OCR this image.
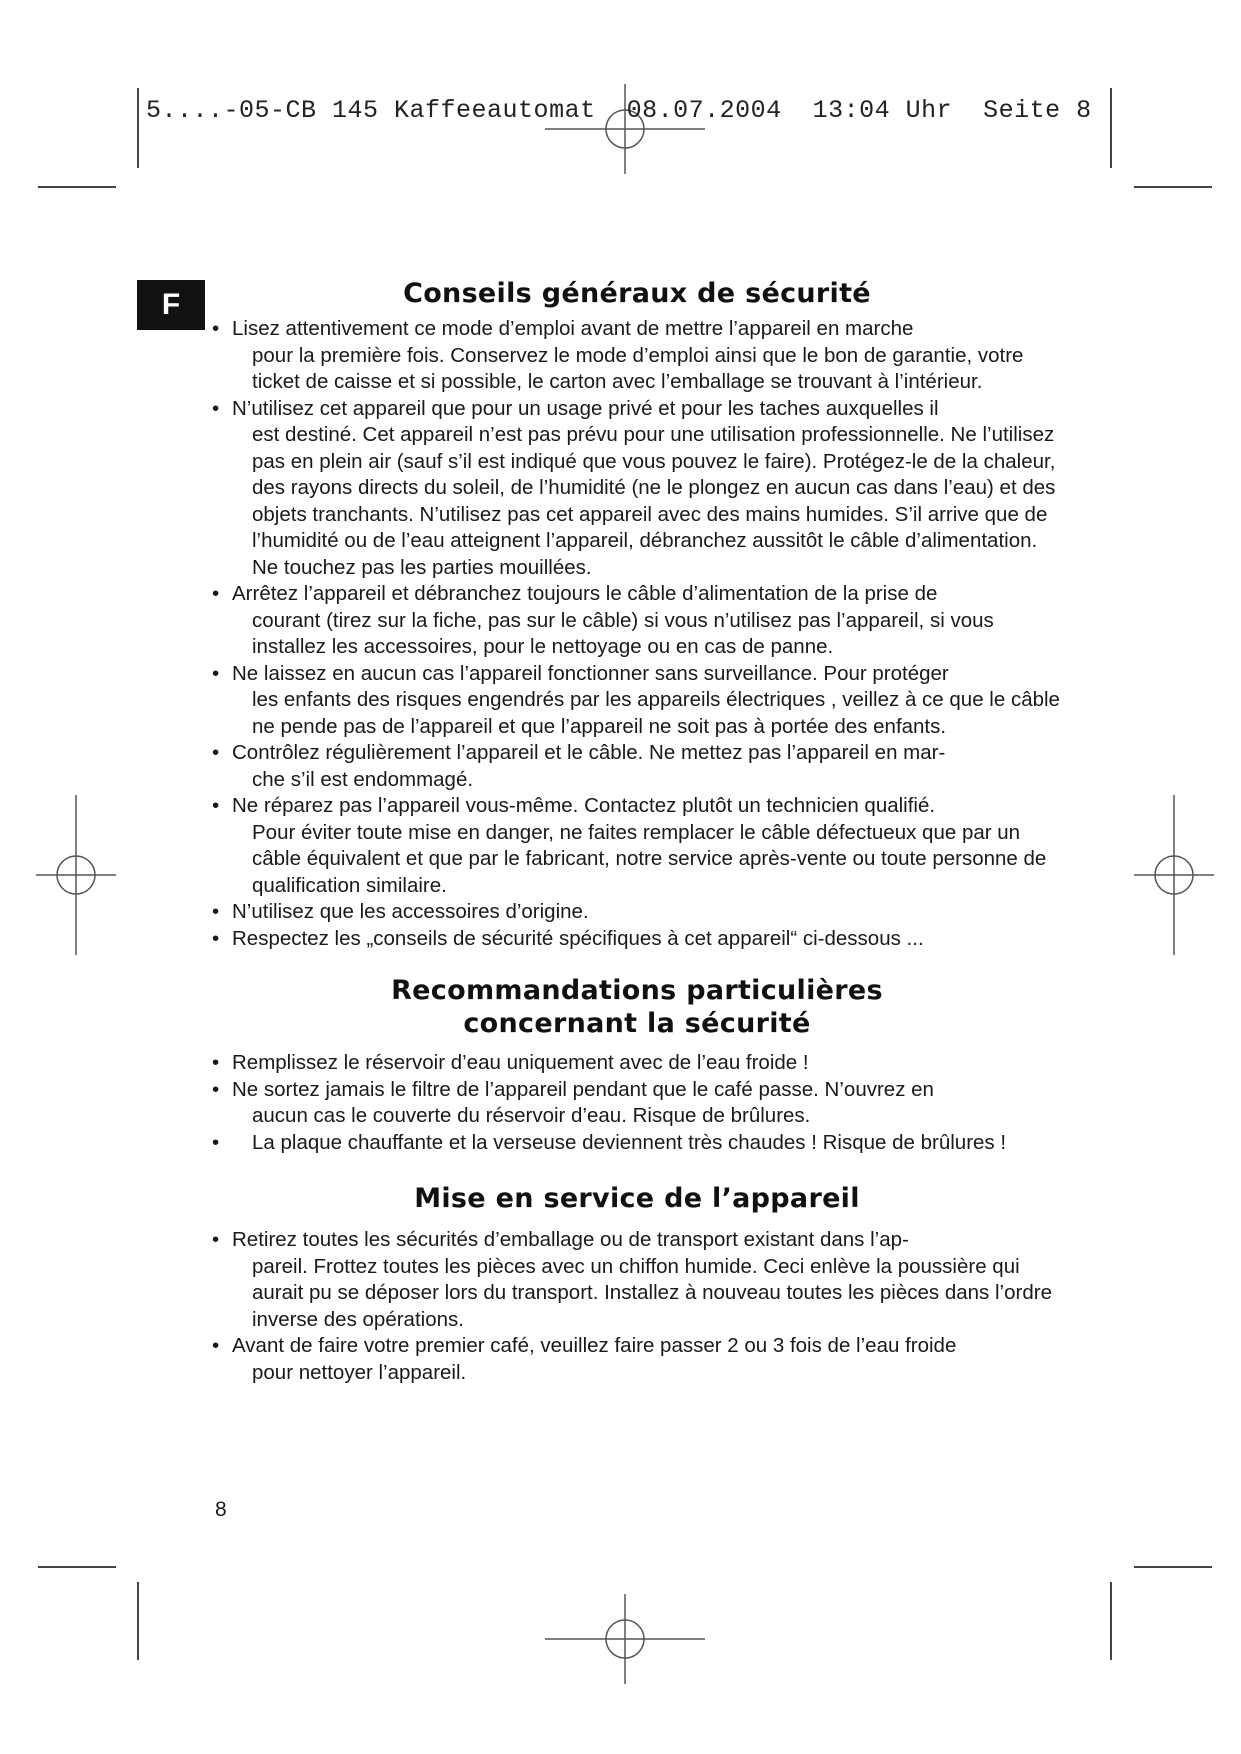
5....-05-CB 145 Kaffeeautomat  08.07.2004  13:04 Uhr  Seite 8
F	Conseils généraux de sécurité
• Lisez attentivement ce mode d’emploi avant de mettre l’appareil en marche
pour la première fois. Conservez le mode d’emploi ainsi que le bon de garantie, votre ticket de caisse et si possible, le carton avec l’emballage se trouvant à l’intérieur.
• N’utilisez cet appareil que pour un usage privé et pour les taches auxquelles il
est destiné. Cet appareil n’est pas prévu pour une utilisation professionnelle. Ne l’utilisez pas en plein air (sauf s’il est indiqué que vous pouvez le faire). Protégez-le de la chaleur, des rayons directs du soleil, de l’humidité (ne le plongez en aucun cas dans l’eau) et des objets tranchants. N’utilisez pas cet appareil avec des mains humides. S’il arrive que de l’humidité ou de l’eau atteignent l’appareil, débranchez aussitôt le câble d’alimentation. Ne touchez pas les parties mouillées.
• Arrêtez l’appareil et débranchez toujours le câble d’alimentation de la prise de
courant (tirez sur la fiche, pas sur le câble) si vous n’utilisez pas l’appareil, si vous installez les accessoires, pour le nettoyage ou en cas de panne.
• Ne laissez en aucun cas l’appareil fonctionner sans surveillance. Pour protéger
les enfants des risques engendrés par les appareils électriques , veillez à ce que le câble ne pende pas de l’appareil et que l’appareil ne soit pas à portée des enfants.
• Contrôlez régulièrement l’appareil et le câble. Ne mettez pas l’appareil en mar-
che s’il est endommagé.
• Ne réparez pas l’appareil vous-même. Contactez plutôt un technicien qualifié.
Pour éviter toute mise en danger, ne faites remplacer le câble défectueux que par un câble équivalent et que par le fabricant, notre service après-vente ou toute personne de qualification similaire.
• N’utilisez que les accessoires d’origine.
• Respectez les „conseils de sécurité spécifiques à cet appareil“ ci-dessous ...
Recommandations particulières
concernant la sécurité
• Remplissez le réservoir d’eau uniquement avec de l’eau froide !
• Ne sortez jamais le filtre de l’appareil pendant que le café passe. N’ouvrez en
aucun cas le couverte du réservoir d’eau. Risque de brûlures.
• La plaque chauffante et la verseuse deviennent très chaudes ! Risque de brûlures !
Mise en service de l’appareil
• Retirez toutes les sécurités d’emballage ou de transport existant dans l’ap-
pareil. Frottez toutes les pièces avec un chiffon humide. Ceci enlève la poussière qui aurait pu se déposer lors du transport. Installez à nouveau toutes les pièces dans l’ordre inverse des opérations.
• Avant de faire votre premier café, veuillez faire passer 2 ou 3 fois de l’eau froide
pour nettoyer l’appareil.
8
